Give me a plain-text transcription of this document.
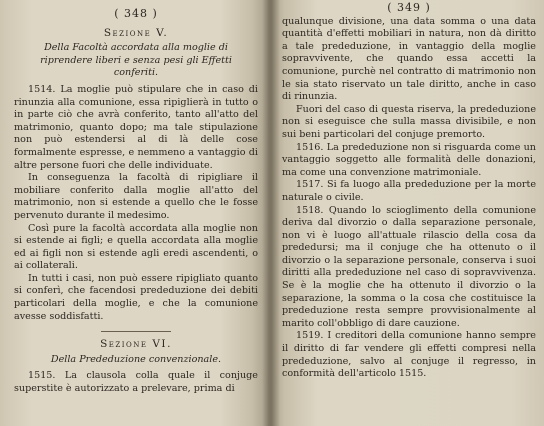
( 348 )
Sezione V.
Della Facoltà accordata alla moglie di riprendere liberi e senza pesi gli Effetti conferiti.

1514. La moglie può stipulare che in caso di rinunzia alla comunione, essa ripiglierà in tutto o in parte ciò che avrà conferito, tanto all'atto del matrimonio, quanto dopo; ma tale stipulazione non può estendersi al di là delle cose formalmente espresse, e nemmeno a vantaggio di altre persone fuori che delle individuate.

In conseguenza la facoltà di ripigliare il mobiliare conferito dalla moglie all'atto del matrimonio, non si estende a quello che le fosse pervenuto durante il medesimo.

Così pure la facoltà accordata alla moglie non si estende ai figli; e quella accordata alla moglie ed ai figli non si estende agli eredi ascendenti, o ai collaterali.

In tutti i casi, non può essere ripigliato quanto si conferì, che facendosi prededuzione dei debiti particolari della moglie, e che la comunione avesse soddisfatti.

Sezione VI.
Della Prededuzione convenzionale.

1515. La clausola colla quale il conjuge superstite è autorizzato a prelevare, prima di

( 349 )

qualunque divisione, una data somma o una data quantità d'effetti mobiliari in natura, non dà diritto a tale prededuzione, in vantaggio della moglie sopravvivente, che quando essa accetti la comunione, purchè nel contratto di matrimonio non le sia stato riservato un tale diritto, anche in caso di rinunzia.

Fuori del caso di questa riserva, la prededuzione non si eseguisce che sulla massa divisibile, e non sui beni particolari del conjuge premorto.

1516. La prededuzione non si risguarda come un vantaggio soggetto alle formalità delle donazioni, ma come una convenzione matrimoniale.

1517. Si fa luogo alla prededuzione per la morte naturale o civile.

1518. Quando lo scioglimento della comunione deriva dal divorzio o dalla separazione personale, non vi è luogo all'attuale rilascio della cosa da prededursi; ma il conjuge che ha ottenuto o il divorzio o la separazione personale, conserva i suoi diritti alla prededuzione nel caso di sopravvivenza. Se è la moglie che ha ottenuto il divorzio o la separazione, la somma o la cosa che costituisce la prededuzione resta sempre provvisionalmente al marito coll'obbligo di dare cauzione.

1519. I creditori della comunione hanno sempre il diritto di far vendere gli effetti compresi nella prededuzione, salvo al conjuge il regresso, in conformità dell'articolo 1515.
